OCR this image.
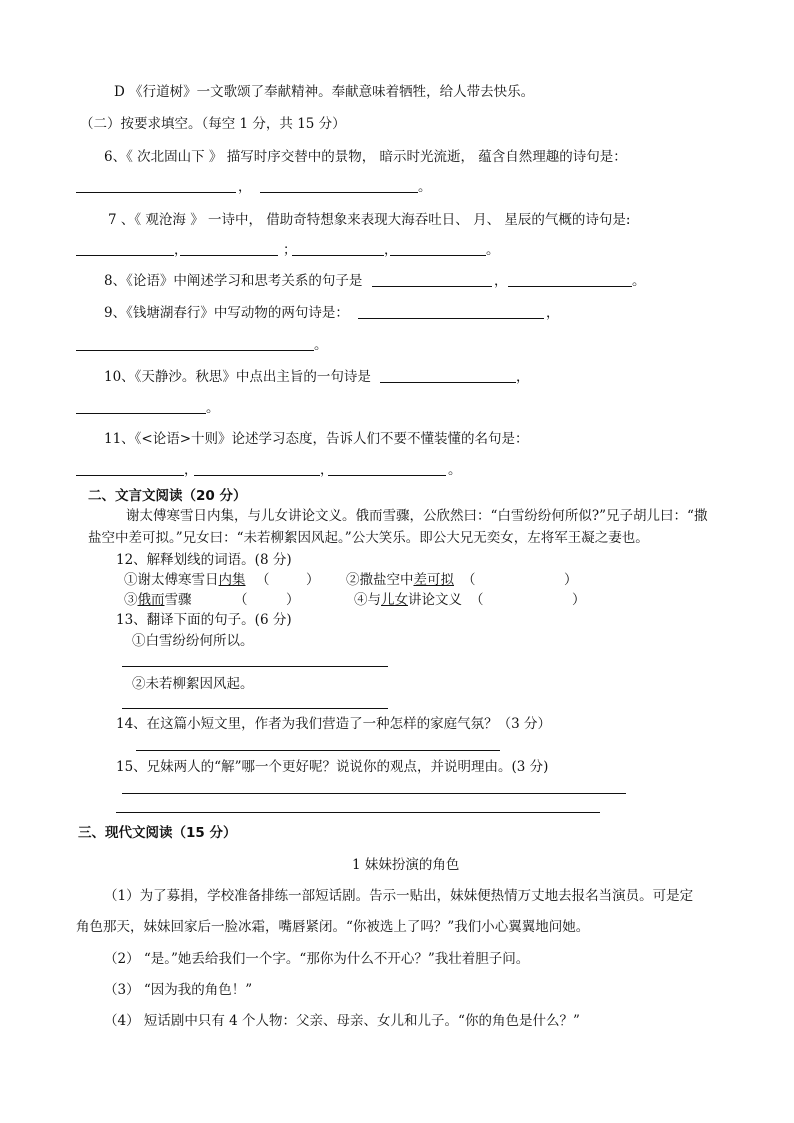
D 《行道树》一文歌颂了奉献精神。奉献意味着牺牲，给人带去快乐。
（二）按要求填空。（每空 1 分，共 15 分）
6、《 次北固山下 》 描写时序交替中的景物， 暗示时光流逝， 蕴含自然理趣的诗句是：
，	。
7 、《 观沧海 》 一诗中， 借助奇特想象来表现大海吞吐日、 月、 星辰的气概的诗句是:
，	；	，	。
8、《论语》中阐述学习和思考关系的句子是	，	。
9、《钱塘湖春行》中写动物的两句诗是：	，
。
10、《天静沙。秋思》中点出主旨的一句诗是	，
。
11、《<论语>十则》论述学习态度，告诉人们不要不懂装懂的名句是：
，	，	。
二、文言文阅读（20 分）
谢太傅寒雪日内集，与儿女讲论文义。俄而雪骤，公欣然曰：“白雪纷纷何所似?”兄子胡儿曰：“撒
盐空中差可拟。”兄女曰：“未若柳絮因风起。”公大笑乐。即公大兄无奕女，左将军王凝之妻也。
12、解释划线的词语。(8 分)
①谢太傅寒雪日内集 （	） ②撒盐空中差可拟 （	）
③俄而雪骤	（	）	④与儿女讲论文义 （	）
13、翻译下面的句子。(6 分)
①白雪纷纷何所以。
②未若柳絮因风起。
14、在这篇小短文里，作者为我们营造了一种怎样的家庭气氛？（3 分）
15、兄妹两人的“解”哪一个更好呢？说说你的观点，并说明理由。(3 分)
三、现代文阅读（15 分）
1 妹妹扮演的角色
（1）为了募捐，学校准备排练一部短话剧。告示一贴出，妹妹便热情万丈地去报名当演员。可是定
角色那天，妹妹回家后一脸冰霜，嘴唇紧闭。“你被选上了吗？”我们小心翼翼地问她。
（2） “是。”她丢给我们一个字。“那你为什么不开心？”我壮着胆子问。
（3） “因为我的角色！”
（4） 短话剧中只有 4 个人物：父亲、母亲、女儿和儿子。“你的角色是什么？”
